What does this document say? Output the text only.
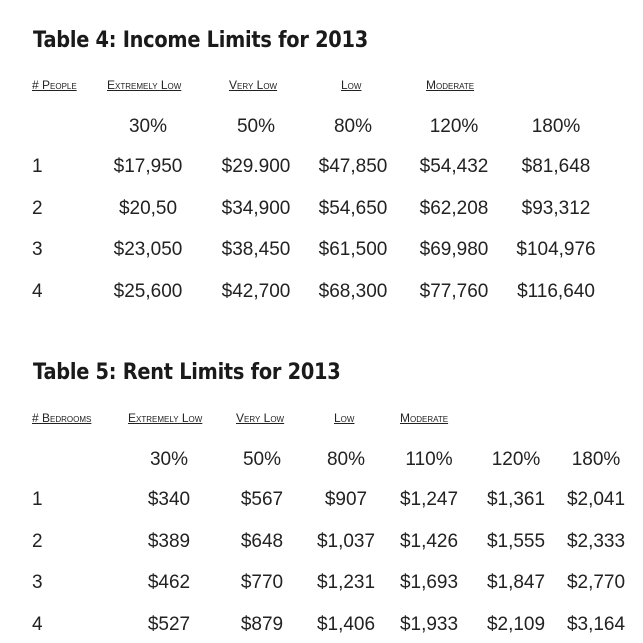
Table 4: Income Limits for 2013
# People	Extremely Low	Very Low	Low	Moderate
30%	50%	80%	120%	180%
1	$17,950 $29.900 $47,850 $54,432 $81,648
2	$20,50 $34,900 $54,650 $62,208 $93,312
3	$23,050 $38,450 $61,500 $69,980 $104,976
4	$25,600 $42,700 $68,300 $77,760 $116,640
Table 5: Rent Limits for 2013
# Bedrooms	Extremely Low	Very Low	Low	Moderate
30%	50% 80% 110% 120% 180%
1	$340	$567 $907 $1,247 $1,361 $2,041
2	$389	$648 $1,037 $1,426 $1,555 $2,333
3	$462	$770 $1,231 $1,693 $1,847 $2,770
4	$527	$879 $1,406 $1,933 $2,109 $3,164
